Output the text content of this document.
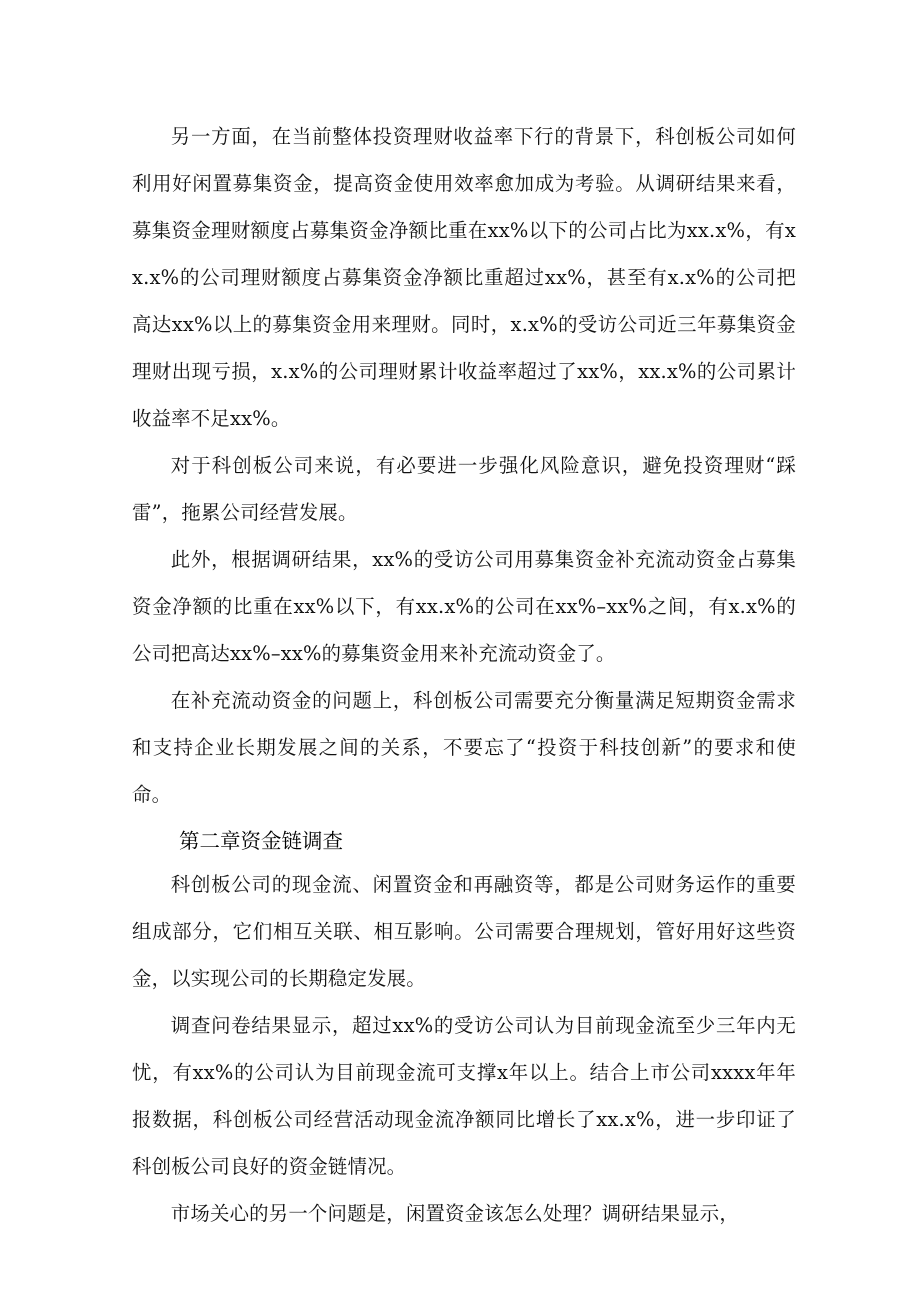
另一方面，在当前整体投资理财收益率下行的背景下，科创板公司如何利用好闲置募集资金，提高资金使用效率愈加成为考验。从调研结果来看，募集资金理财额度占募集资金净额比重在xx%以下的公司占比为xx.x%，有xx.x%的公司理财额度占募集资金净额比重超过xx%，甚至有x.x%的公司把高达xx%以上的募集资金用来理财。同时，x.x%的受访公司近三年募集资金理财出现亏损，x.x%的公司理财累计收益率超过了xx%，xx.x%的公司累计收益率不足xx%。

对于科创板公司来说，有必要进一步强化风险意识，避免投资理财“踩雷”，拖累公司经营发展。

此外，根据调研结果，xx%的受访公司用募集资金补充流动资金占募集资金净额的比重在xx%以下，有xx.x%的公司在xx%–xx%之间，有x.x%的公司把高达xx%–xx%的募集资金用来补充流动资金了。

在补充流动资金的问题上，科创板公司需要充分衡量满足短期资金需求和支持企业长期发展之间的关系，不要忘了“投资于科技创新”的要求和使命。

第二章资金链调查

科创板公司的现金流、闲置资金和再融资等，都是公司财务运作的重要组成部分，它们相互关联、相互影响。公司需要合理规划，管好用好这些资金，以实现公司的长期稳定发展。

调查问卷结果显示，超过xx%的受访公司认为目前现金流至少三年内无忧，有xx%的公司认为目前现金流可支撑x年以上。结合上市公司xxxx年年报数据，科创板公司经营活动现金流净额同比增长了xx.x%，进一步印证了科创板公司良好的资金链情况。

市场关心的另一个问题是，闲置资金该怎么处理？调研结果显示，
